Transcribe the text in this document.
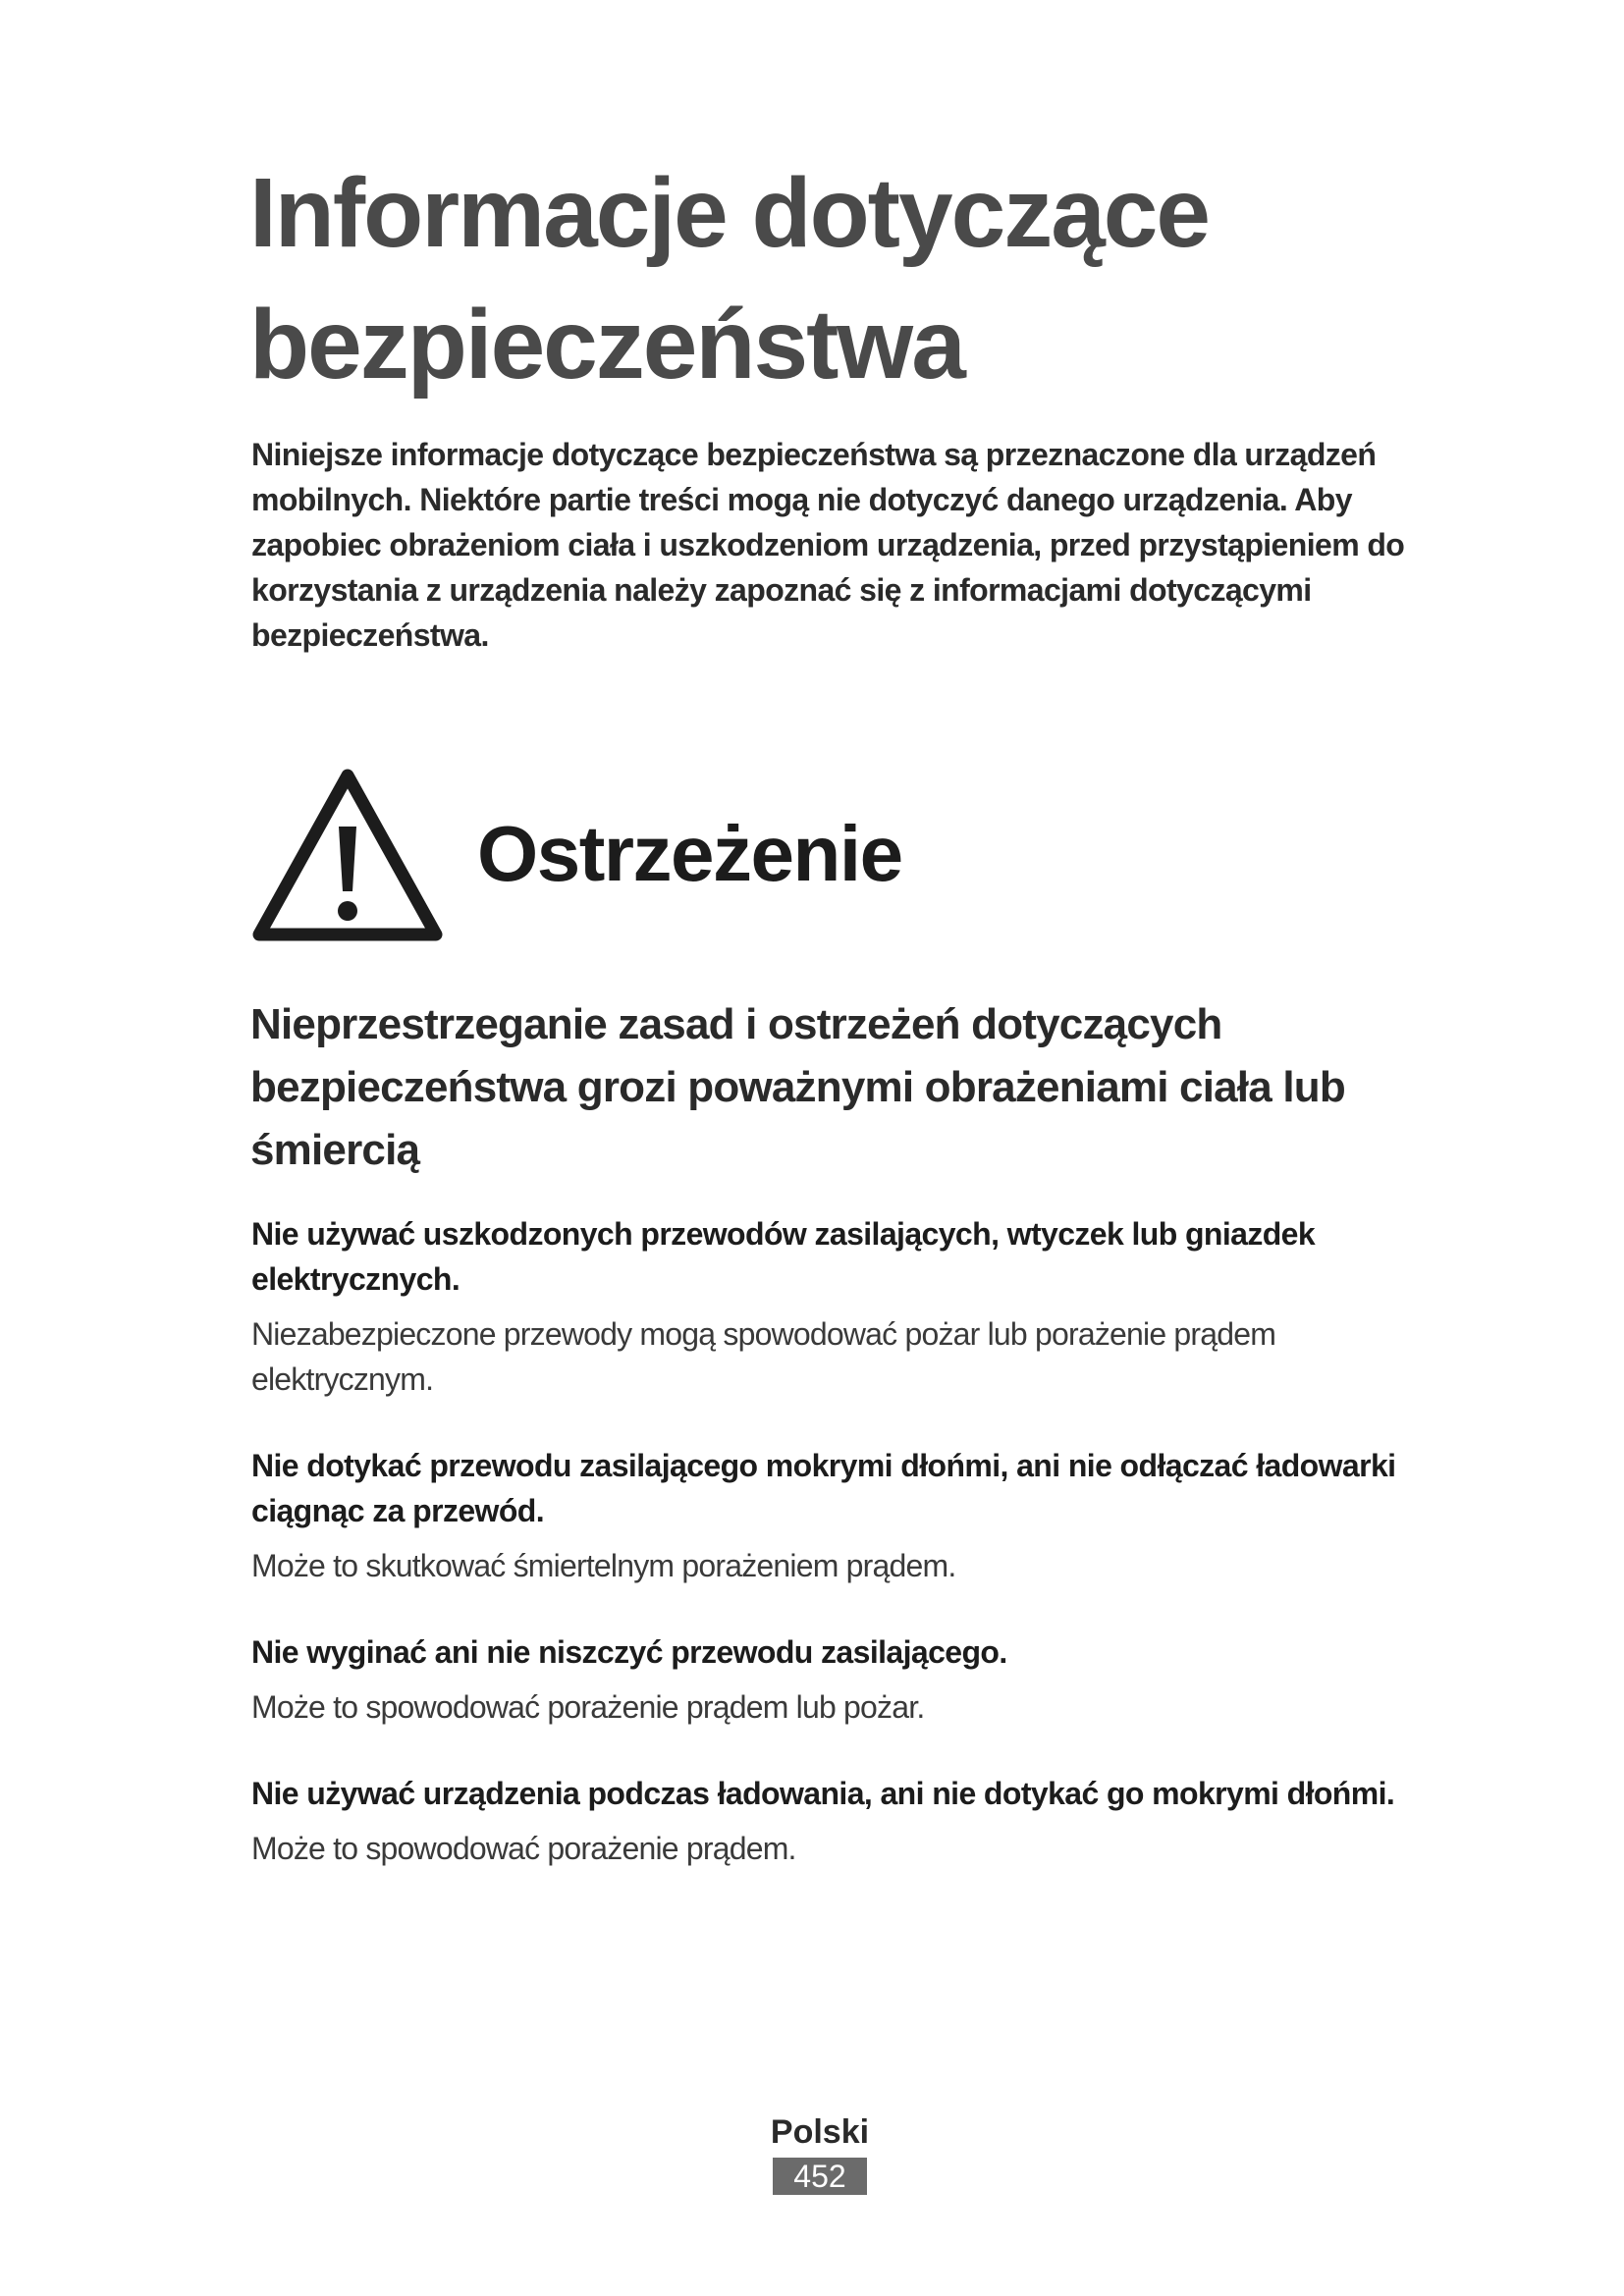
Informacje dotyczące bezpieczeństwa

Niniejsze informacje dotyczące bezpieczeństwa są przeznaczone dla urządzeń mobilnych. Niektóre partie treści mogą nie dotyczyć danego urządzenia. Aby zapobiec obrażeniom ciała i uszkodzeniom urządzenia, przed przystąpieniem do korzystania z urządzenia należy zapoznać się z informacjami dotyczącymi bezpieczeństwa.

Ostrzeżenie
Nieprzestrzeganie zasad i ostrzeżeń dotyczących bezpieczeństwa grozi poważnymi obrażeniami ciała lub śmiercią

Nie używać uszkodzonych przewodów zasilających, wtyczek lub gniazdek elektrycznych.

Niezabezpieczone przewody mogą spowodować pożar lub porażenie prądem elektrycznym.

Nie dotykać przewodu zasilającego mokrymi dłońmi, ani nie odłączać ładowarki ciągnąc za przewód.

Może to skutkować śmiertelnym porażeniem prądem.

Nie wyginać ani nie niszczyć przewodu zasilającego.

Może to spowodować porażenie prądem lub pożar.

Nie używać urządzenia podczas ładowania, ani nie dotykać go mokrymi dłońmi.

Może to spowodować porażenie prądem.

Polski
452
